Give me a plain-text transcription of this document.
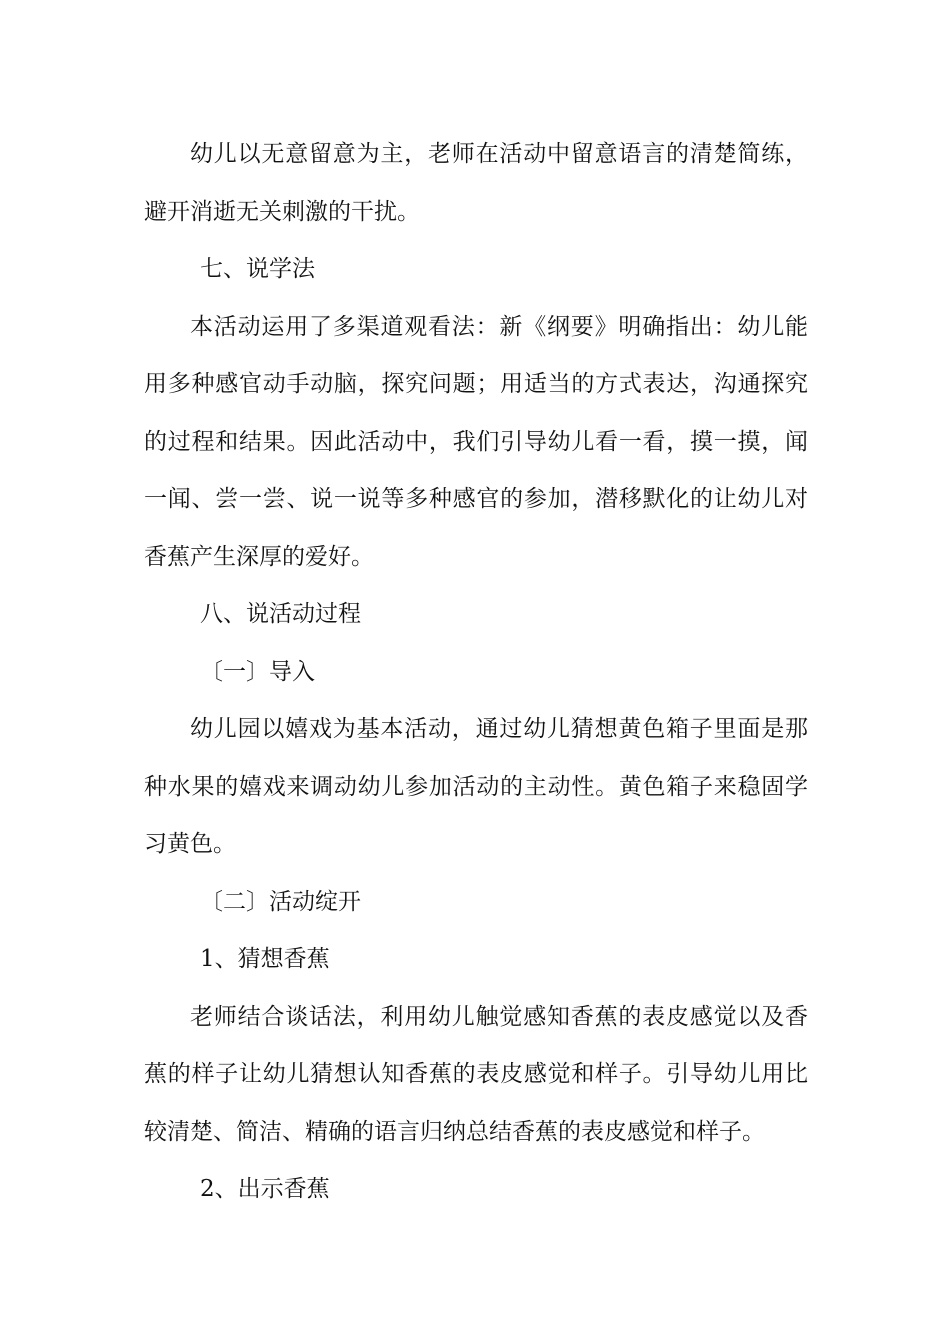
幼儿以无意留意为主，老师在活动中留意语言的清楚简练，避开消逝无关刺激的干扰。

七、说学法

本活动运用了多渠道观看法：新《纲要》明确指出：幼儿能用多种感官动手动脑，探究问题；用适当的方式表达，沟通探究的过程和结果。因此活动中，我们引导幼儿看一看，摸一摸，闻一闻、尝一尝、说一说等多种感官的参加，潜移默化的让幼儿对香蕉产生深厚的爱好。

八、说活动过程

〔一〕导入

幼儿园以嬉戏为基本活动，通过幼儿猜想黄色箱子里面是那种水果的嬉戏来调动幼儿参加活动的主动性。黄色箱子来稳固学习黄色。

〔二〕活动绽开

1、猜想香蕉

老师结合谈话法，利用幼儿触觉感知香蕉的表皮感觉以及香蕉的样子让幼儿猜想认知香蕉的表皮感觉和样子。引导幼儿用比较清楚、简洁、精确的语言归纳总结香蕉的表皮感觉和样子。

2、出示香蕉
